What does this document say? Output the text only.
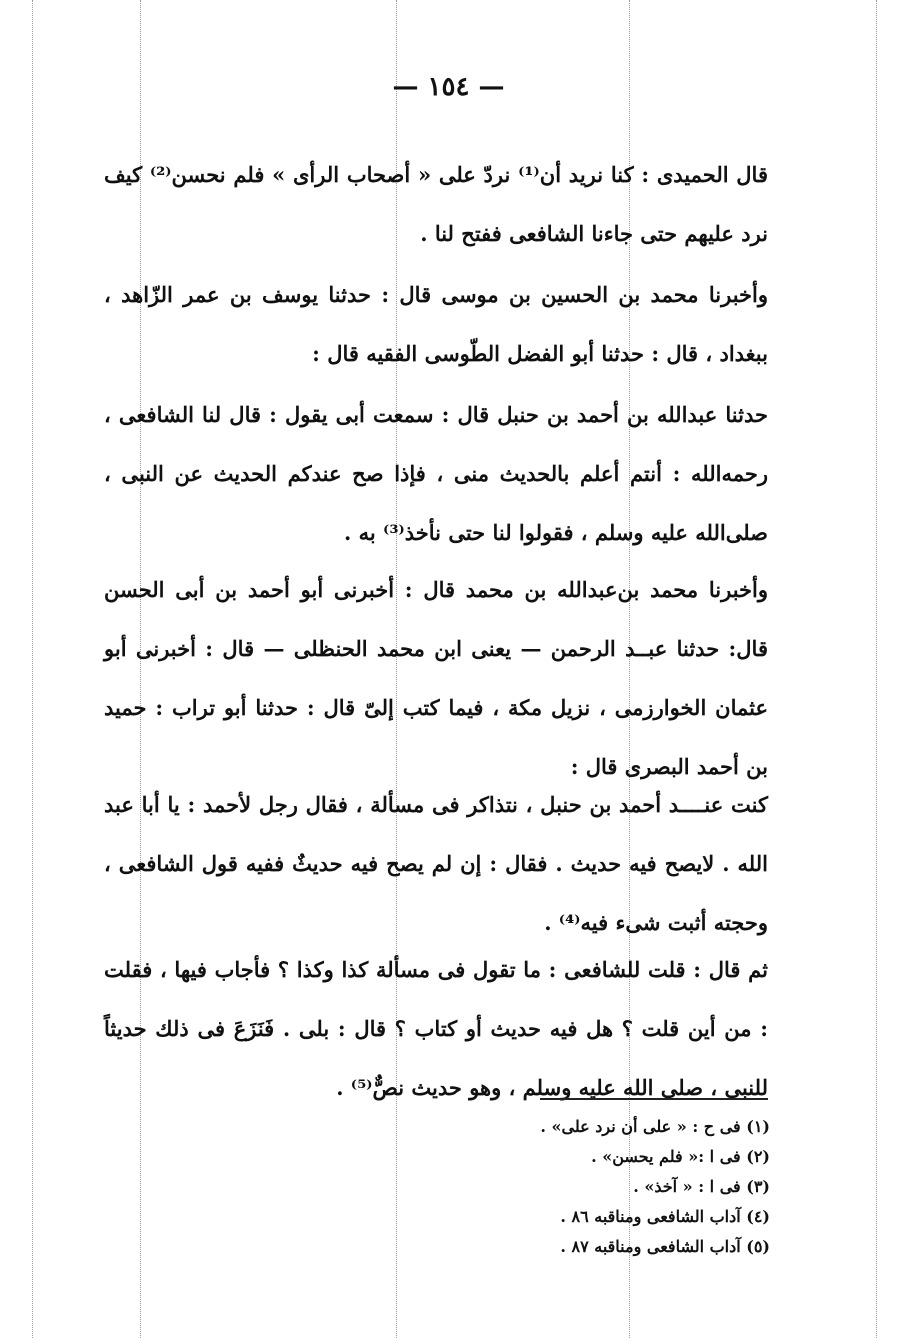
— ١٥٤ —
قال الحميدى : كنا نريد أن⁽¹⁾ نردّ على « أصحاب الرأى » فلم نحسن⁽²⁾ كيف نرد عليهم حتى جاءنا الشافعى ففتح لنا .
وأخبرنا محمد بن الحسين بن موسى قال : حدثنا يوسف بن عمر الزّاهد ، ببغداد ، قال : حدثنا أبو الفضل الطّوسى الفقيه قال :
حدثنا عبدالله بن أحمد بن حنبل قال : سمعت أبى يقول : قال لنا الشافعى ، رحمه‌الله : أنتم أعلم بالحديث منى ، فإذا صح عندكم الحديث عن النبى ، صلى‌الله عليه وسلم ، فقولوا لنا حتى نأخذ⁽³⁾ به .
وأخبرنا محمد بن‌عبدالله بن محمد قال : أخبرنى أبو أحمد بن أبى الحسن قال: حدثنا عبــد الرحمن — يعنى ابن محمد الحنظلى — قال : أخبرنى أبو عثمان الخوارزمى ، نزيل مكة ، فيما كتب إلىّ قال : حدثنا أبو تراب : حميد بن أحمد البصرى قال :
كنت عنــــد أحمد بن حنبل ، نتذاكر فى مسألة ، فقال رجل لأحمد : يا أبا عبد الله . لايصح فيه حديث . فقال : إن لم يصح فيه حديثٌ ففيه قول الشافعى ، وحجته أثبت شىء فيه⁽⁴⁾ .
ثم قال : قلت للشافعى : ما تقول فى مسألة كذا وكذا ؟ فأجاب فيها ، فقلت : من أين قلت ؟ هل فيه حديث أو كتاب ؟ قال : بلى . فَنَزَعَ فى ذلك حديثاً للنبى ، صلى الله عليه وسلم ، وهو حديث نصٌّ⁽⁵⁾ .
(١) فى ح : « على أن نرد على» .
(٢) فى ا :« فلم يحسن» .
(٣) فى ا : « آخذ» .
(٤) آداب الشافعى ومناقبه ٨٦ .
(٥) آداب الشافعى ومناقبه ٨٧ .
